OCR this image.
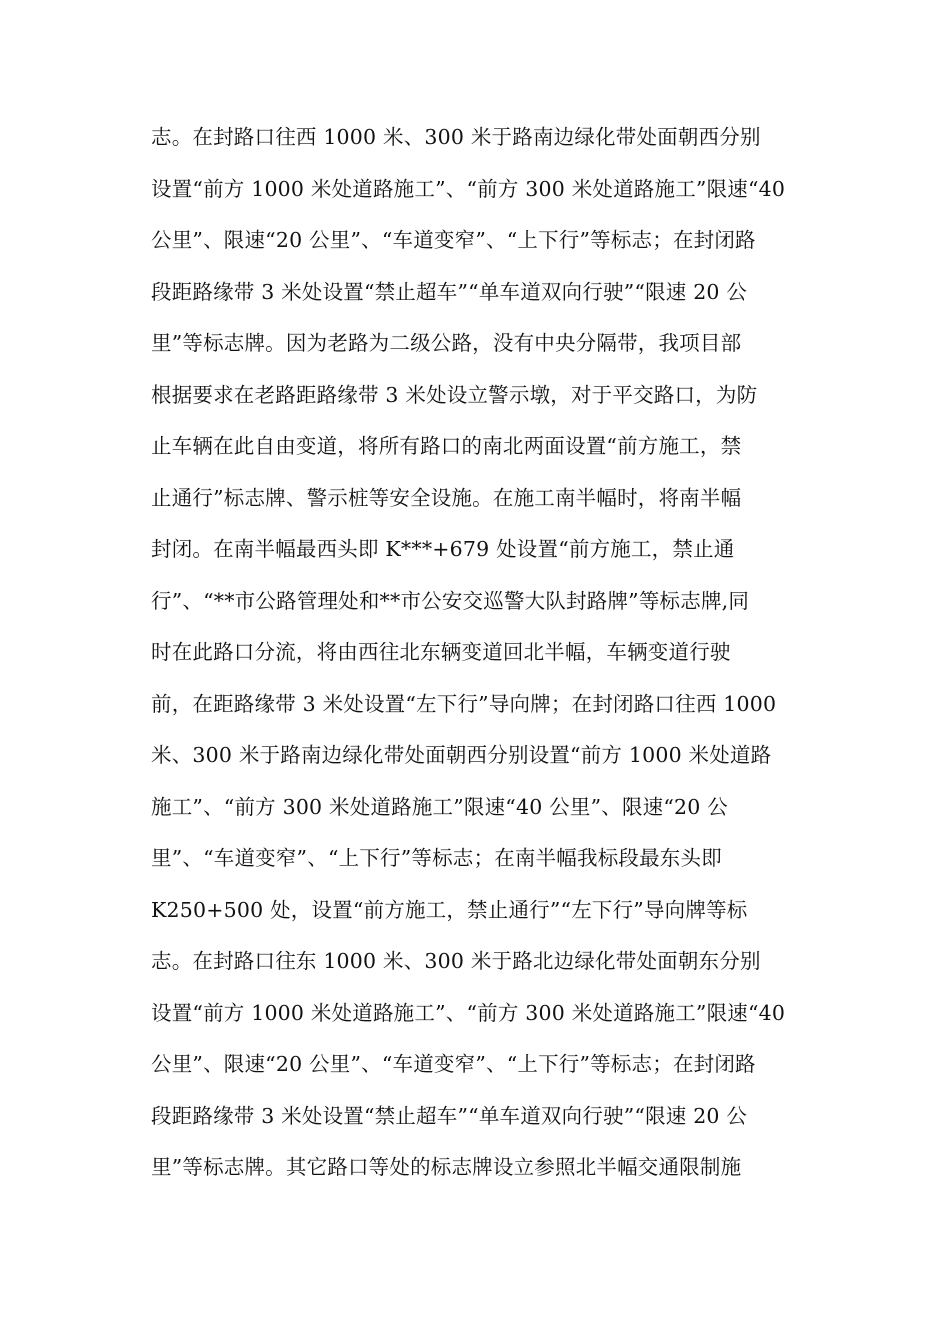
志。在封路口往西 1000 米、300 米于路南边绿化带处面朝西分别
设置“前方 1000 米处道路施工”、“前方 300 米处道路施工”限速“40
公里”、限速“20 公里”、“车道变窄”、“上下行”等标志；在封闭路
段距路缘带 3 米处设置“禁止超车”“单车道双向行驶”“限速 20 公
里”等标志牌。因为老路为二级公路，没有中央分隔带，我项目部
根据要求在老路距路缘带 3 米处设立警示墩，对于平交路口，为防
止车辆在此自由变道，将所有路口的南北两面设置“前方施工，禁
止通行”标志牌、警示桩等安全设施。在施工南半幅时，将南半幅
封闭。在南半幅最西头即 K***+679 处设置“前方施工，禁止通
行”、“**市公路管理处和**市公安交巡警大队封路牌”等标志牌,同
时在此路口分流，将由西往北东辆变道回北半幅，车辆变道行驶
前，在距路缘带 3 米处设置“左下行”导向牌；在封闭路口往西 1000
米、300 米于路南边绿化带处面朝西分别设置“前方 1000 米处道路
施工”、“前方 300 米处道路施工”限速“40 公里”、限速“20 公
里”、“车道变窄”、“上下行”等标志；在南半幅我标段最东头即
K250+500 处，设置“前方施工，禁止通行”“左下行”导向牌等标
志。在封路口往东 1000 米、300 米于路北边绿化带处面朝东分别
设置“前方 1000 米处道路施工”、“前方 300 米处道路施工”限速“40
公里”、限速“20 公里”、“车道变窄”、“上下行”等标志；在封闭路
段距路缘带 3 米处设置“禁止超车”“单车道双向行驶”“限速 20 公
里”等标志牌。其它路口等处的标志牌设立参照北半幅交通限制施
